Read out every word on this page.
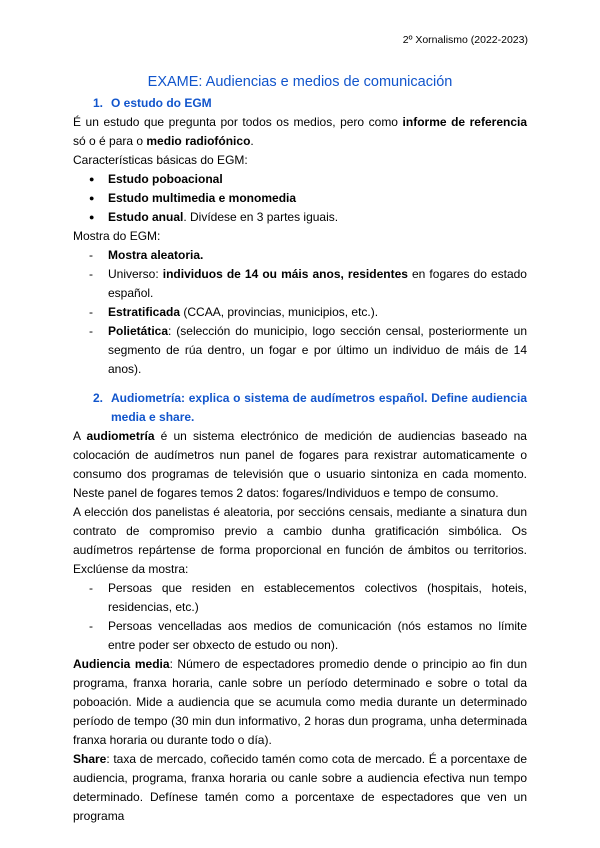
2º Xornalismo (2022-2023)
EXAME: Audiencias e medios de comunicación
1. O estudo do EGM

É un estudo que pregunta por todos os medios, pero como informe de referencia só o é para o medio radiofónico.

Características básicas do EGM:

●	Estudo poboacional
●	Estudo multimedia e monomedia
●	Estudo anual. Divídese en 3 partes iguais.

Mostra do EGM:

-	Mostra aleatoria.
-	Universo: individuos de 14 ou máis anos, residentes en fogares do estado español.
-	Estratificada (CCAA, provincias, municipios, etc.).
-	Polietática: (selección do municipio, logo sección censal, posteriormente un segmento de rúa dentro, un fogar e por último un individuo de máis de 14 anos).
2. Audiometría: explica o sistema de audímetros español. Define audiencia media e share.

A audiometría é un sistema electrónico de medición de audiencias baseado na colocación de audímetros nun panel de fogares para rexistrar automaticamente o consumo dos programas de televisión que o usuario sintoniza en cada momento. Neste panel de fogares temos 2 datos: fogares/Individuos e tempo de consumo.

A elección dos panelistas é aleatoria, por seccións censais, mediante a sinatura dun contrato de compromiso previo a cambio dunha gratificación simbólica. Os audímetros repártense de forma proporcional en función de ámbitos ou territorios. Exclúense da mostra:

-	Persoas que residen en establecementos colectivos (hospitais, hoteis, residencias, etc.)
-	Persoas vencelladas aos medios de comunicación (nós estamos no límite entre poder ser obxecto de estudo ou non).

Audiencia media: Número de espectadores promedio dende o principio ao fin dun programa, franxa horaria, canle sobre un período determinado e sobre o total da poboación. Mide a audiencia que se acumula como media durante un determinado período de tempo (30 min dun informativo, 2 horas dun programa, unha determinada franxa horaria ou durante todo o día).

Share: taxa de mercado, coñecido tamén como cota de mercado. É a porcentaxe de audiencia, programa, franxa horaria ou canle sobre a audiencia efectiva nun tempo determinado. Defínese tamén como a porcentaxe de espectadores que ven un programa
